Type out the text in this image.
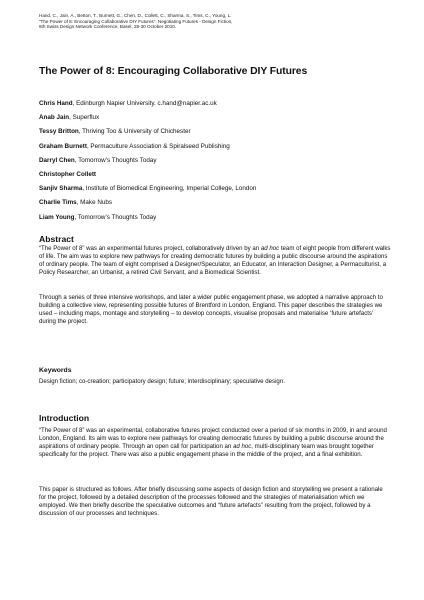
Hand, C., Jain, A., Betton, T., Burnett, G., Chen, D., Collett, C., Sharma, S., Tims, C., Young, L.
“The Power of 8: Encouraging Collaborative DIY Futures”. Negotiating Futures - Design Fiction,
6th Swiss Design Network Conference, Basel, 28-30 October 2010.
The Power of 8: Encouraging Collaborative DIY Futures
Chris Hand, Edinburgh Napier University. c.hand@napier.ac.uk
Anab Jain, Superflux
Tessy Britton, Thriving Too & University of Chichester
Graham Burnett, Permaculture Association & Spiralseed Publishing
Darryl Chen, Tomorrow’s Thoughts Today
Christopher Collett
Sanjiv Sharma, Institute of Biomedical Engineering, Imperial College, London
Charlie Tims, Make Nubs
Liam Young, Tomorrow’s Thoughts Today
Abstract
“The Power of 8” was an experimental futures project, collaboratively driven by an ad hoc team of eight people from different walks of life. The aim was to explore new pathways for creating democratic futures by building a public discourse around the aspirations of ordinary people. The team of eight comprised a Designer/Speculator, an Educator, an Interaction Designer, a Permaculturist, a Policy Researcher, an Urbanist, a retired Civil Servant, and a Biomedical Scientist.
Through a series of three intensive workshops, and later a wider public engagement phase, we adopted a narrative approach to building a collective view, representing possible futures of Brentford in London, England. This paper describes the strategies we used – including maps, montage and storytelling – to develop concepts, visualise proposals and materialise ‘future artefacts’ during the project.
Keywords
Design fiction; co-creation; participatory design; future; interdisciplinary; speculative design.
Introduction
“The Power of 8” was an experimental, collaborative futures project conducted over a period of six months in 2009, in and around London, England. Its aim was to explore new pathways for creating democratic futures by building a public discourse around the aspirations of ordinary people. Through an open call for participation an ad hoc, multi-disciplinary team was brought together specifically for the project. There was also a public engagement phase in the middle of the project, and a final exhibition.
This paper is structured as follows. After briefly discussing some aspects of design fiction and storytelling we present a rationale for the project, followed by a detailed description of the processes followed and the strategies of materialisation which we employed. We then briefly describe the speculative outcomes and “future artefacts” resulting from the project, followed by a discussion of our processes and techniques.
